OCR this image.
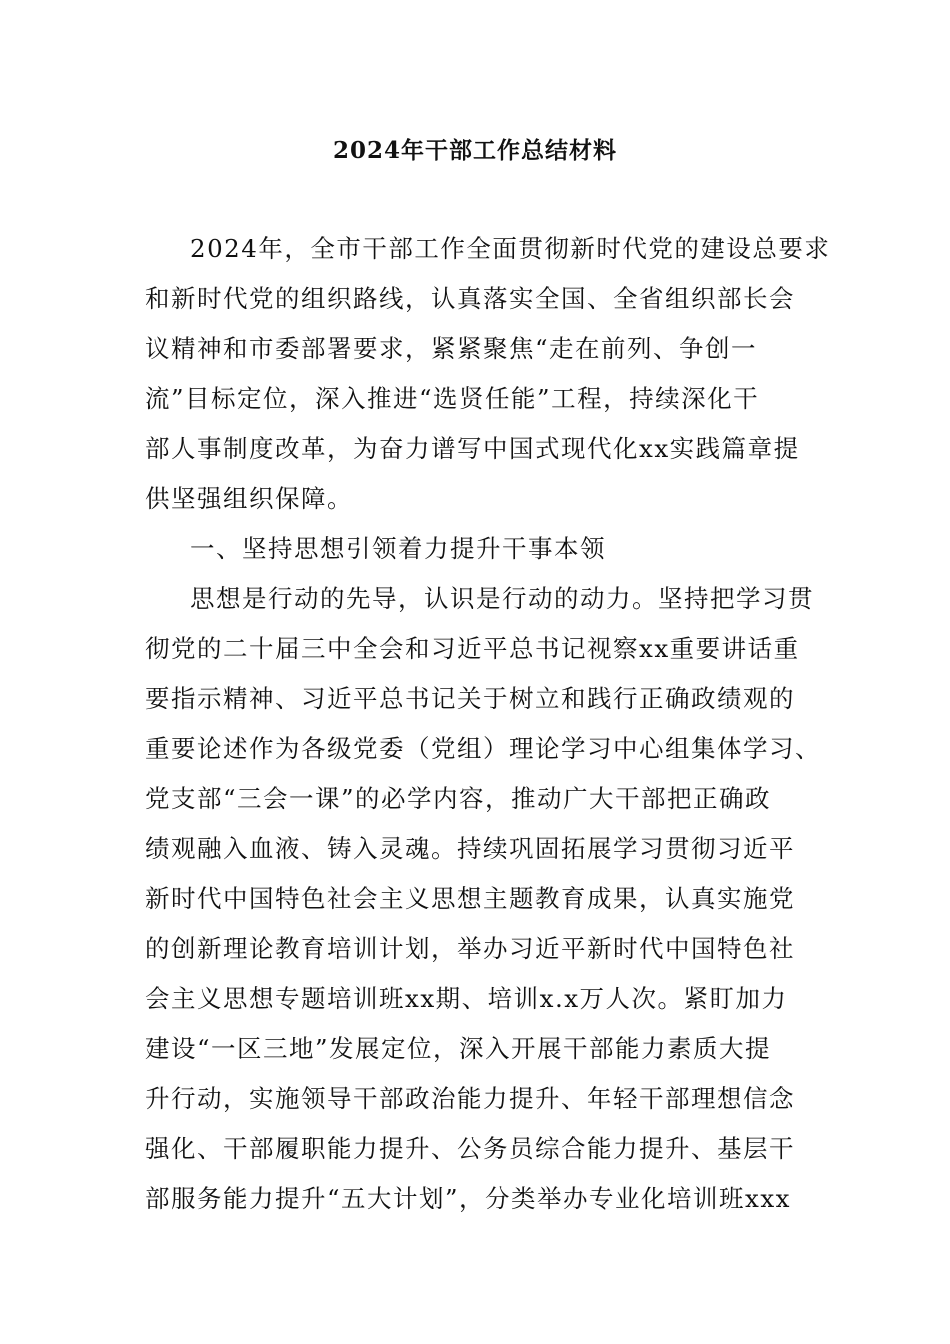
2024年干部工作总结材料
2024年，全市干部工作全面贯彻新时代党的建设总要求
和新时代党的组织路线，认真落实全国、全省组织部长会
议精神和市委部署要求，紧紧聚焦“走在前列、争创一
流”目标定位，深入推进“选贤任能”工程，持续深化干
部人事制度改革，为奋力谱写中国式现代化xx实践篇章提
供坚强组织保障。
一、坚持思想引领着力提升干事本领
思想是行动的先导，认识是行动的动力。坚持把学习贯
彻党的二十届三中全会和习近平总书记视察xx重要讲话重
要指示精神、习近平总书记关于树立和践行正确政绩观的
重要论述作为各级党委（党组）理论学习中心组集体学习、
党支部“三会一课”的必学内容，推动广大干部把正确政
绩观融入血液、铸入灵魂。持续巩固拓展学习贯彻习近平
新时代中国特色社会主义思想主题教育成果，认真实施党
的创新理论教育培训计划，举办习近平新时代中国特色社
会主义思想专题培训班xx期、培训x.x万人次。紧盯加力
建设“一区三地”发展定位，深入开展干部能力素质大提
升行动，实施领导干部政治能力提升、年轻干部理想信念
强化、干部履职能力提升、公务员综合能力提升、基层干
部服务能力提升“五大计划”，分类举办专业化培训班xxx
